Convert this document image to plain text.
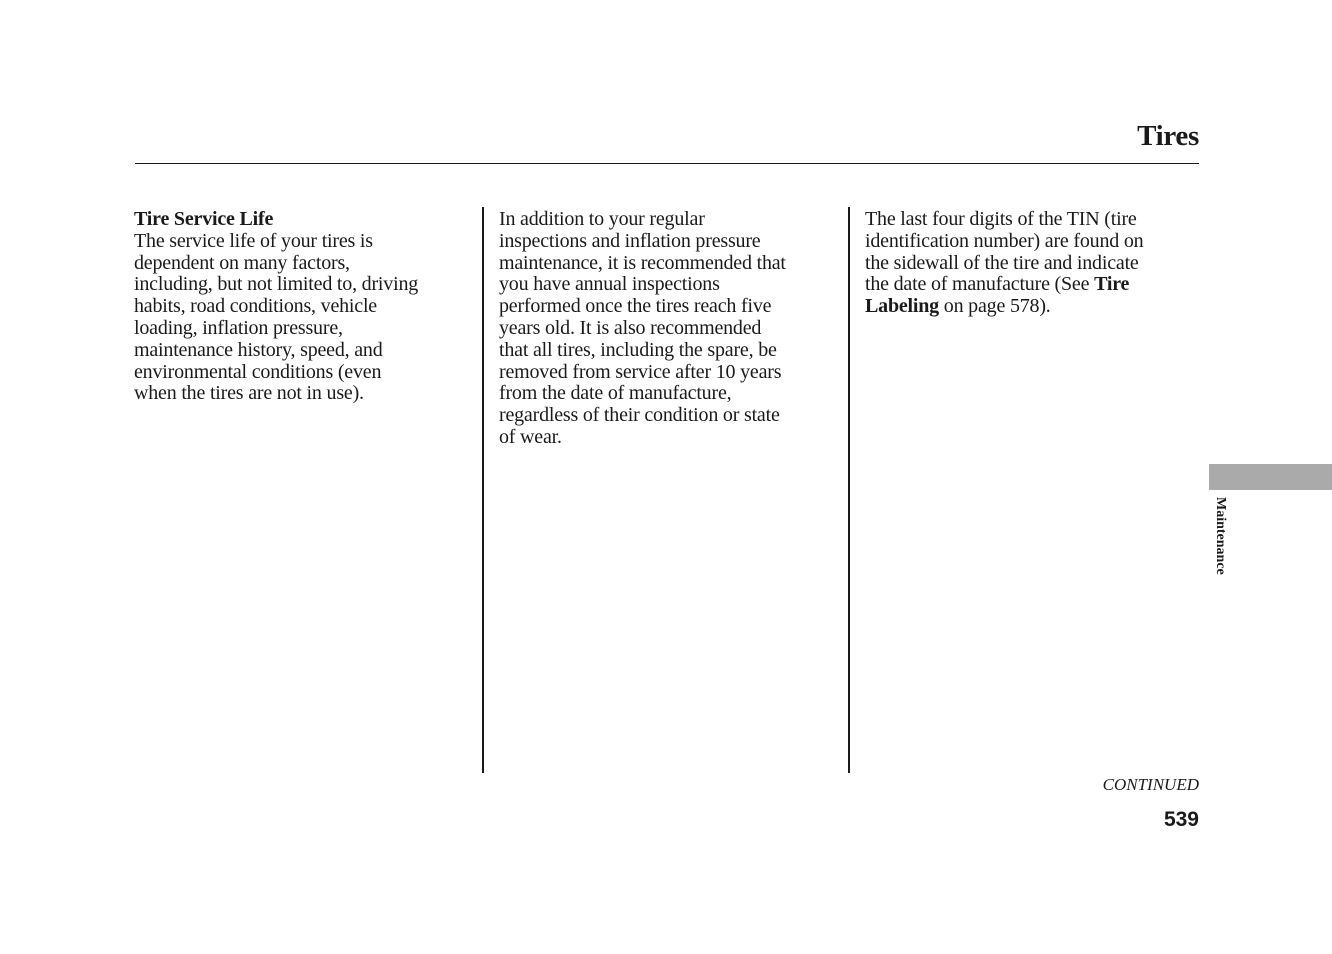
Tires
Tire Service Life
The service life of your tires is
dependent on many factors,
including, but not limited to, driving
habits, road conditions, vehicle
loading, inflation pressure,
maintenance history, speed, and
environmental conditions (even
when the tires are not in use).
In addition to your regular
inspections and inflation pressure
maintenance, it is recommended that
you have annual inspections
performed once the tires reach five
years old. It is also recommended
that all tires, including the spare, be
removed from service after 10 years
from the date of manufacture,
regardless of their condition or state
of wear.
The last four digits of the TIN (tire
identification number) are found on
the sidewall of the tire and indicate
the date of manufacture (See Tire
Labeling on page 578).
Maintenance
CONTINUED
539
